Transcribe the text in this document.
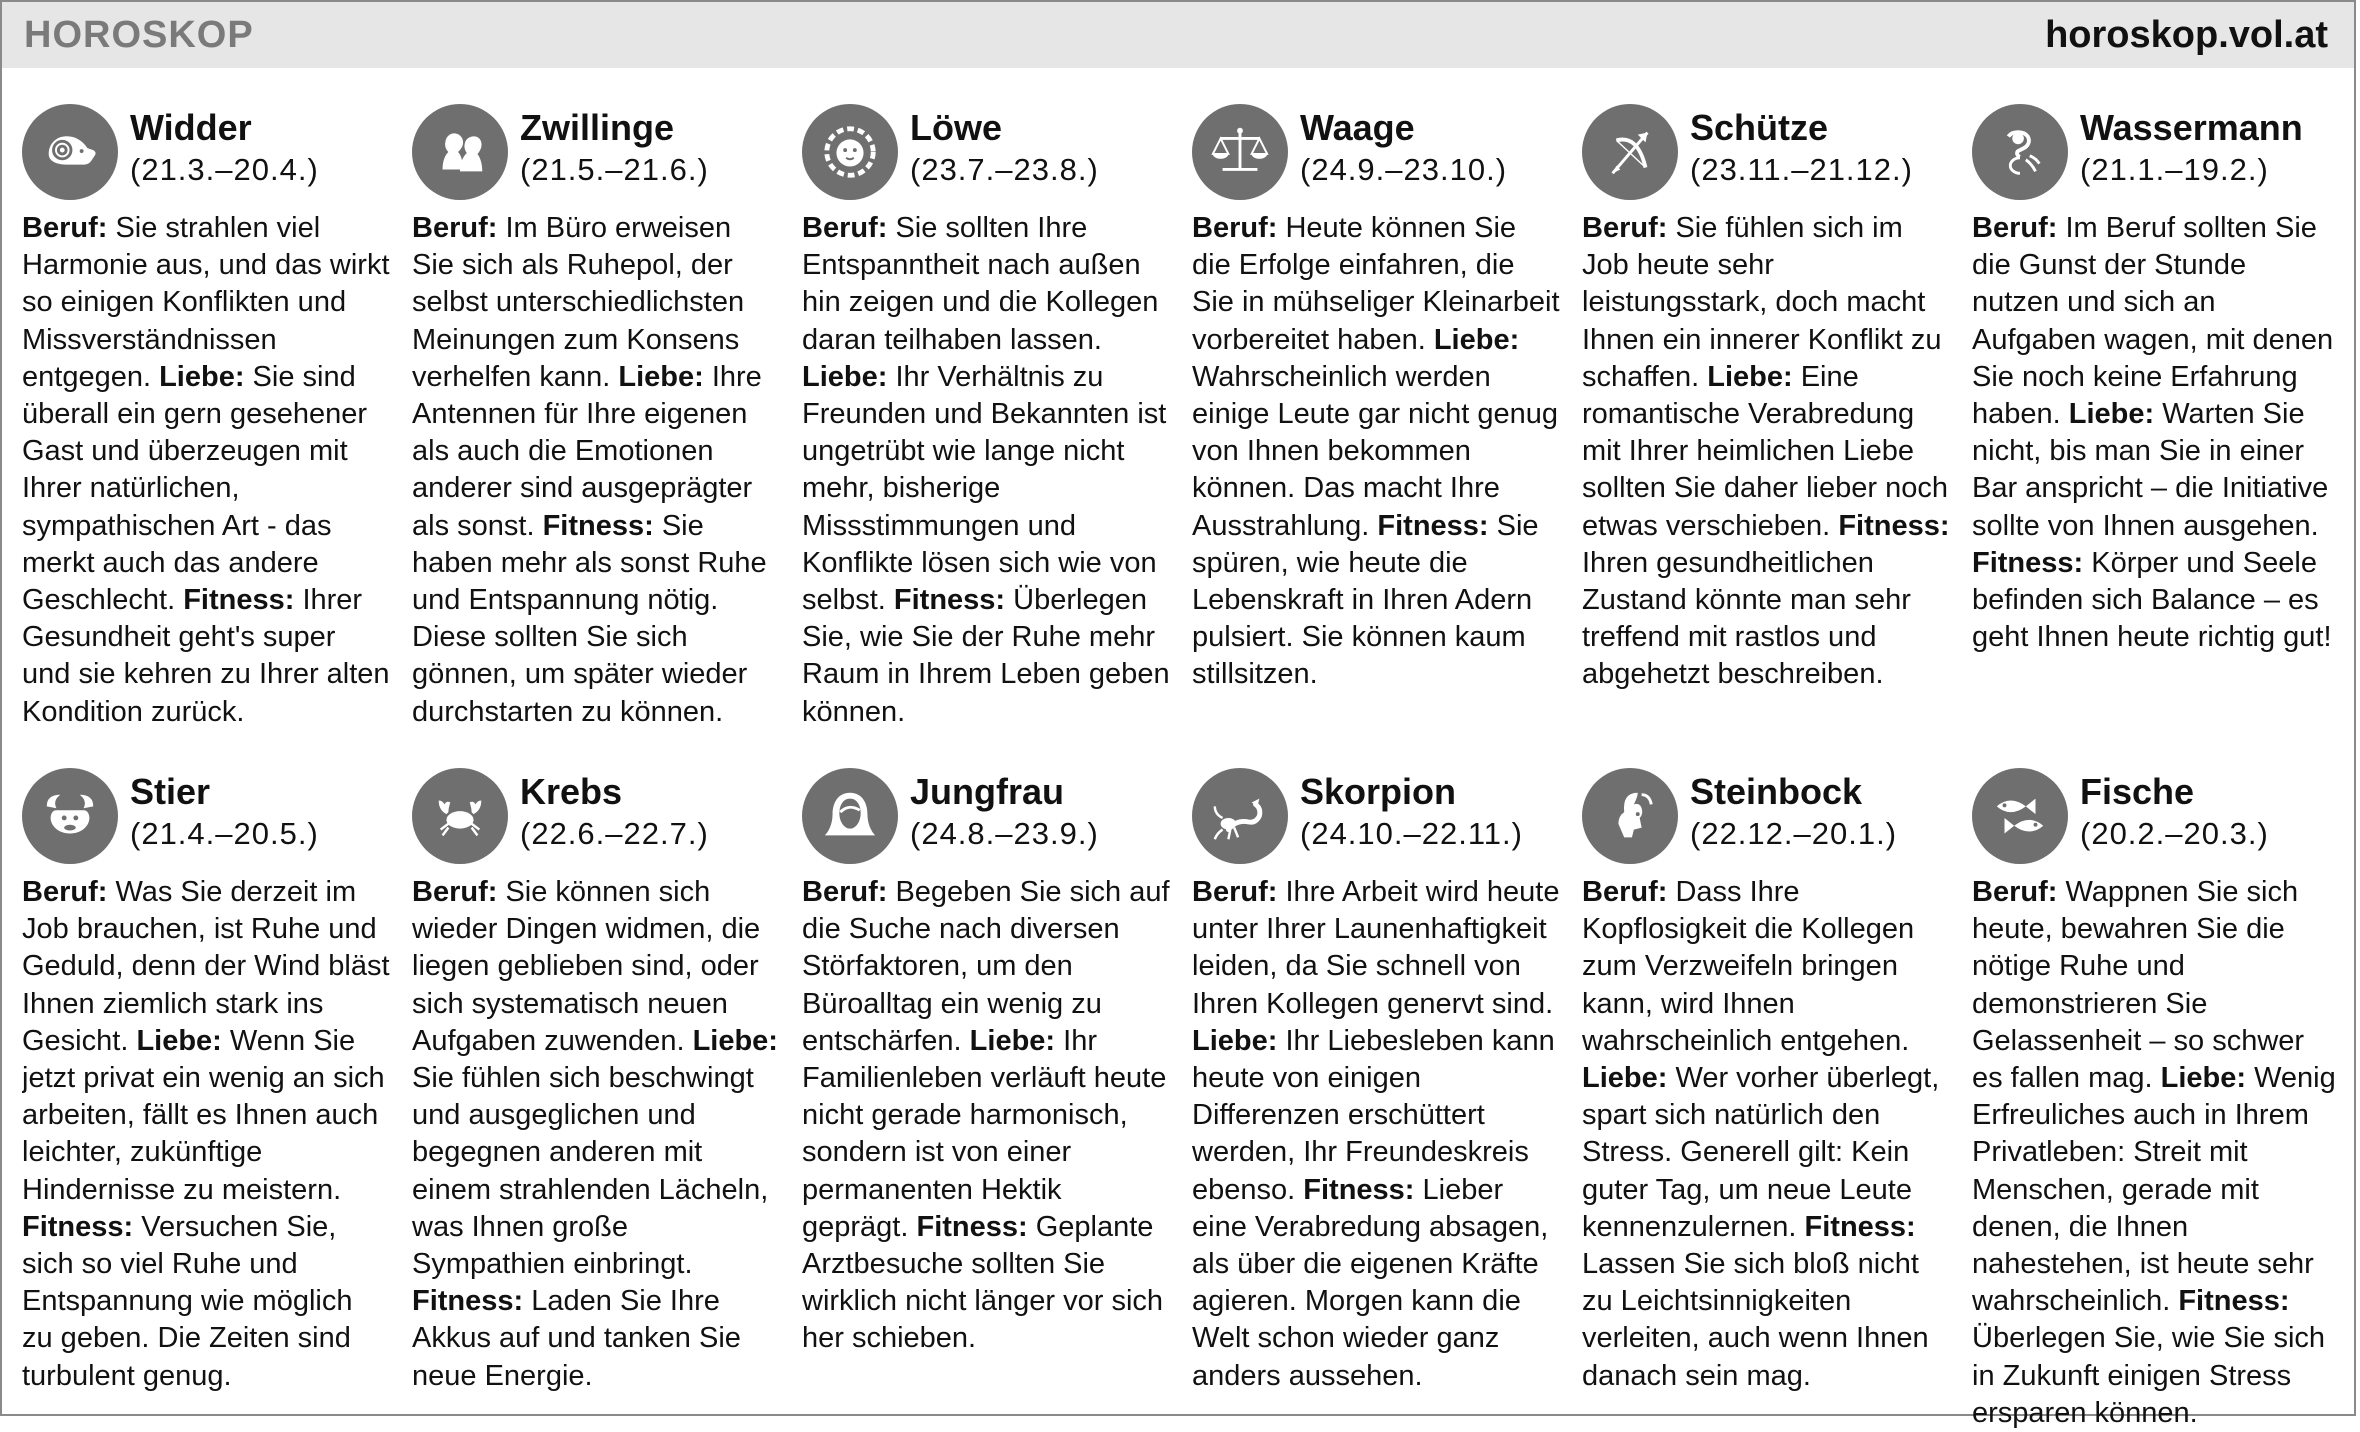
HOROSKOP	horoskop.vol.at
Widder
(21.3.–20.4.)
Beruf: Sie strahlen viel Harmonie aus, und das wirkt so einigen Konflikten und Missverständnissen entgegen. Liebe: Sie sind überall ein gern gesehener Gast und überzeugen mit Ihrer natürlichen, sympathischen Art - das merkt auch das andere Geschlecht. Fitness: Ihrer Gesundheit geht's super und sie kehren zu Ihrer alten Kondition zurück.
Zwillinge
(21.5.–21.6.)
Beruf: Im Büro erweisen Sie sich als Ruhepol, der selbst unterschiedlichsten Meinungen zum Konsens verhelfen kann. Liebe: Ihre Antennen für Ihre eigenen als auch die Emotionen anderer sind ausgeprägter als sonst. Fitness: Sie haben mehr als sonst Ruhe und Entspannung nötig. Diese sollten Sie sich gönnen, um später wieder durchstarten zu können.
Löwe
(23.7.–23.8.)
Beruf: Sie sollten Ihre Entspanntheit nach außen hin zeigen und die Kollegen daran teilhaben lassen. Liebe: Ihr Verhältnis zu Freunden und Bekannten ist ungetrübt wie lange nicht mehr, bisherige Missstimmungen und Konflikte lösen sich wie von selbst. Fitness: Überlegen Sie, wie Sie der Ruhe mehr Raum in Ihrem Leben geben können.
Waage
(24.9.–23.10.)
Beruf: Heute können Sie die Erfolge einfahren, die Sie in mühseliger Kleinarbeit vorbereitet haben. Liebe: Wahrscheinlich werden einige Leute gar nicht genug von Ihnen bekommen können. Das macht Ihre Ausstrahlung. Fitness: Sie spüren, wie heute die Lebenskraft in Ihren Adern pulsiert. Sie können kaum stillsitzen.
Schütze
(23.11.–21.12.)
Beruf: Sie fühlen sich im Job heute sehr leistungsstark, doch macht Ihnen ein innerer Konflikt zu schaffen. Liebe: Eine romantische Verabredung mit Ihrer heimlichen Liebe sollten Sie daher lieber noch etwas verschieben. Fitness: Ihren gesundheitlichen Zustand könnte man sehr treffend mit rastlos und abgehetzt beschreiben.
Wassermann
(21.1.–19.2.)
Beruf: Im Beruf sollten Sie die Gunst der Stunde nutzen und sich an Aufgaben wagen, mit denen Sie noch keine Erfahrung haben. Liebe: Warten Sie nicht, bis man Sie in einer Bar anspricht – die Initiative sollte von Ihnen ausgehen. Fitness: Körper und Seele befinden sich Balance – es geht Ihnen heute richtig gut!
Stier
(21.4.–20.5.)
Beruf: Was Sie derzeit im Job brauchen, ist Ruhe und Geduld, denn der Wind bläst Ihnen ziemlich stark ins Gesicht. Liebe: Wenn Sie jetzt privat ein wenig an sich arbeiten, fällt es Ihnen auch leichter, zukünftige Hindernisse zu meistern. Fitness: Versuchen Sie, sich so viel Ruhe und Entspannung wie möglich zu geben. Die Zeiten sind turbulent genug.
Krebs
(22.6.–22.7.)
Beruf: Sie können sich wieder Dingen widmen, die liegen geblieben sind, oder sich systematisch neuen Aufgaben zuwenden. Liebe: Sie fühlen sich beschwingt und ausgeglichen und begegnen anderen mit einem strahlenden Lächeln, was Ihnen große Sympathien einbringt. Fitness: Laden Sie Ihre Akkus auf und tanken Sie neue Energie.
Jungfrau
(24.8.–23.9.)
Beruf: Begeben Sie sich auf die Suche nach diversen Störfaktoren, um den Büroalltag ein wenig zu entschärfen. Liebe: Ihr Familienleben verläuft heute nicht gerade harmonisch, sondern ist von einer permanenten Hektik geprägt. Fitness: Geplante Arztbesuche sollten Sie wirklich nicht länger vor sich her schieben.
Skorpion
(24.10.–22.11.)
Beruf: Ihre Arbeit wird heute unter Ihrer Launenhaftigkeit leiden, da Sie schnell von Ihren Kollegen genervt sind. Liebe: Ihr Liebesleben kann heute von einigen Differenzen erschüttert werden, Ihr Freundeskreis ebenso. Fitness: Lieber eine Verabredung absagen, als über die eigenen Kräfte agieren. Morgen kann die Welt schon wieder ganz anders aussehen.
Steinbock
(22.12.–20.1.)
Beruf: Dass Ihre Kopflosigkeit die Kollegen zum Verzweifeln bringen kann, wird Ihnen wahrscheinlich entgehen. Liebe: Wer vorher überlegt, spart sich natürlich den Stress. Generell gilt: Kein guter Tag, um neue Leute kennenzulernen. Fitness: Lassen Sie sich bloß nicht zu Leichtsinnigkeiten verleiten, auch wenn Ihnen danach sein mag.
Fische
(20.2.–20.3.)
Beruf: Wappnen Sie sich heute, bewahren Sie die nötige Ruhe und demonstrieren Sie Gelassenheit – so schwer es fallen mag. Liebe: Wenig Erfreuliches auch in Ihrem Privatleben: Streit mit Menschen, gerade mit denen, die Ihnen nahestehen, ist heute sehr wahrscheinlich. Fitness: Überlegen Sie, wie Sie sich in Zukunft einigen Stress ersparen können.
